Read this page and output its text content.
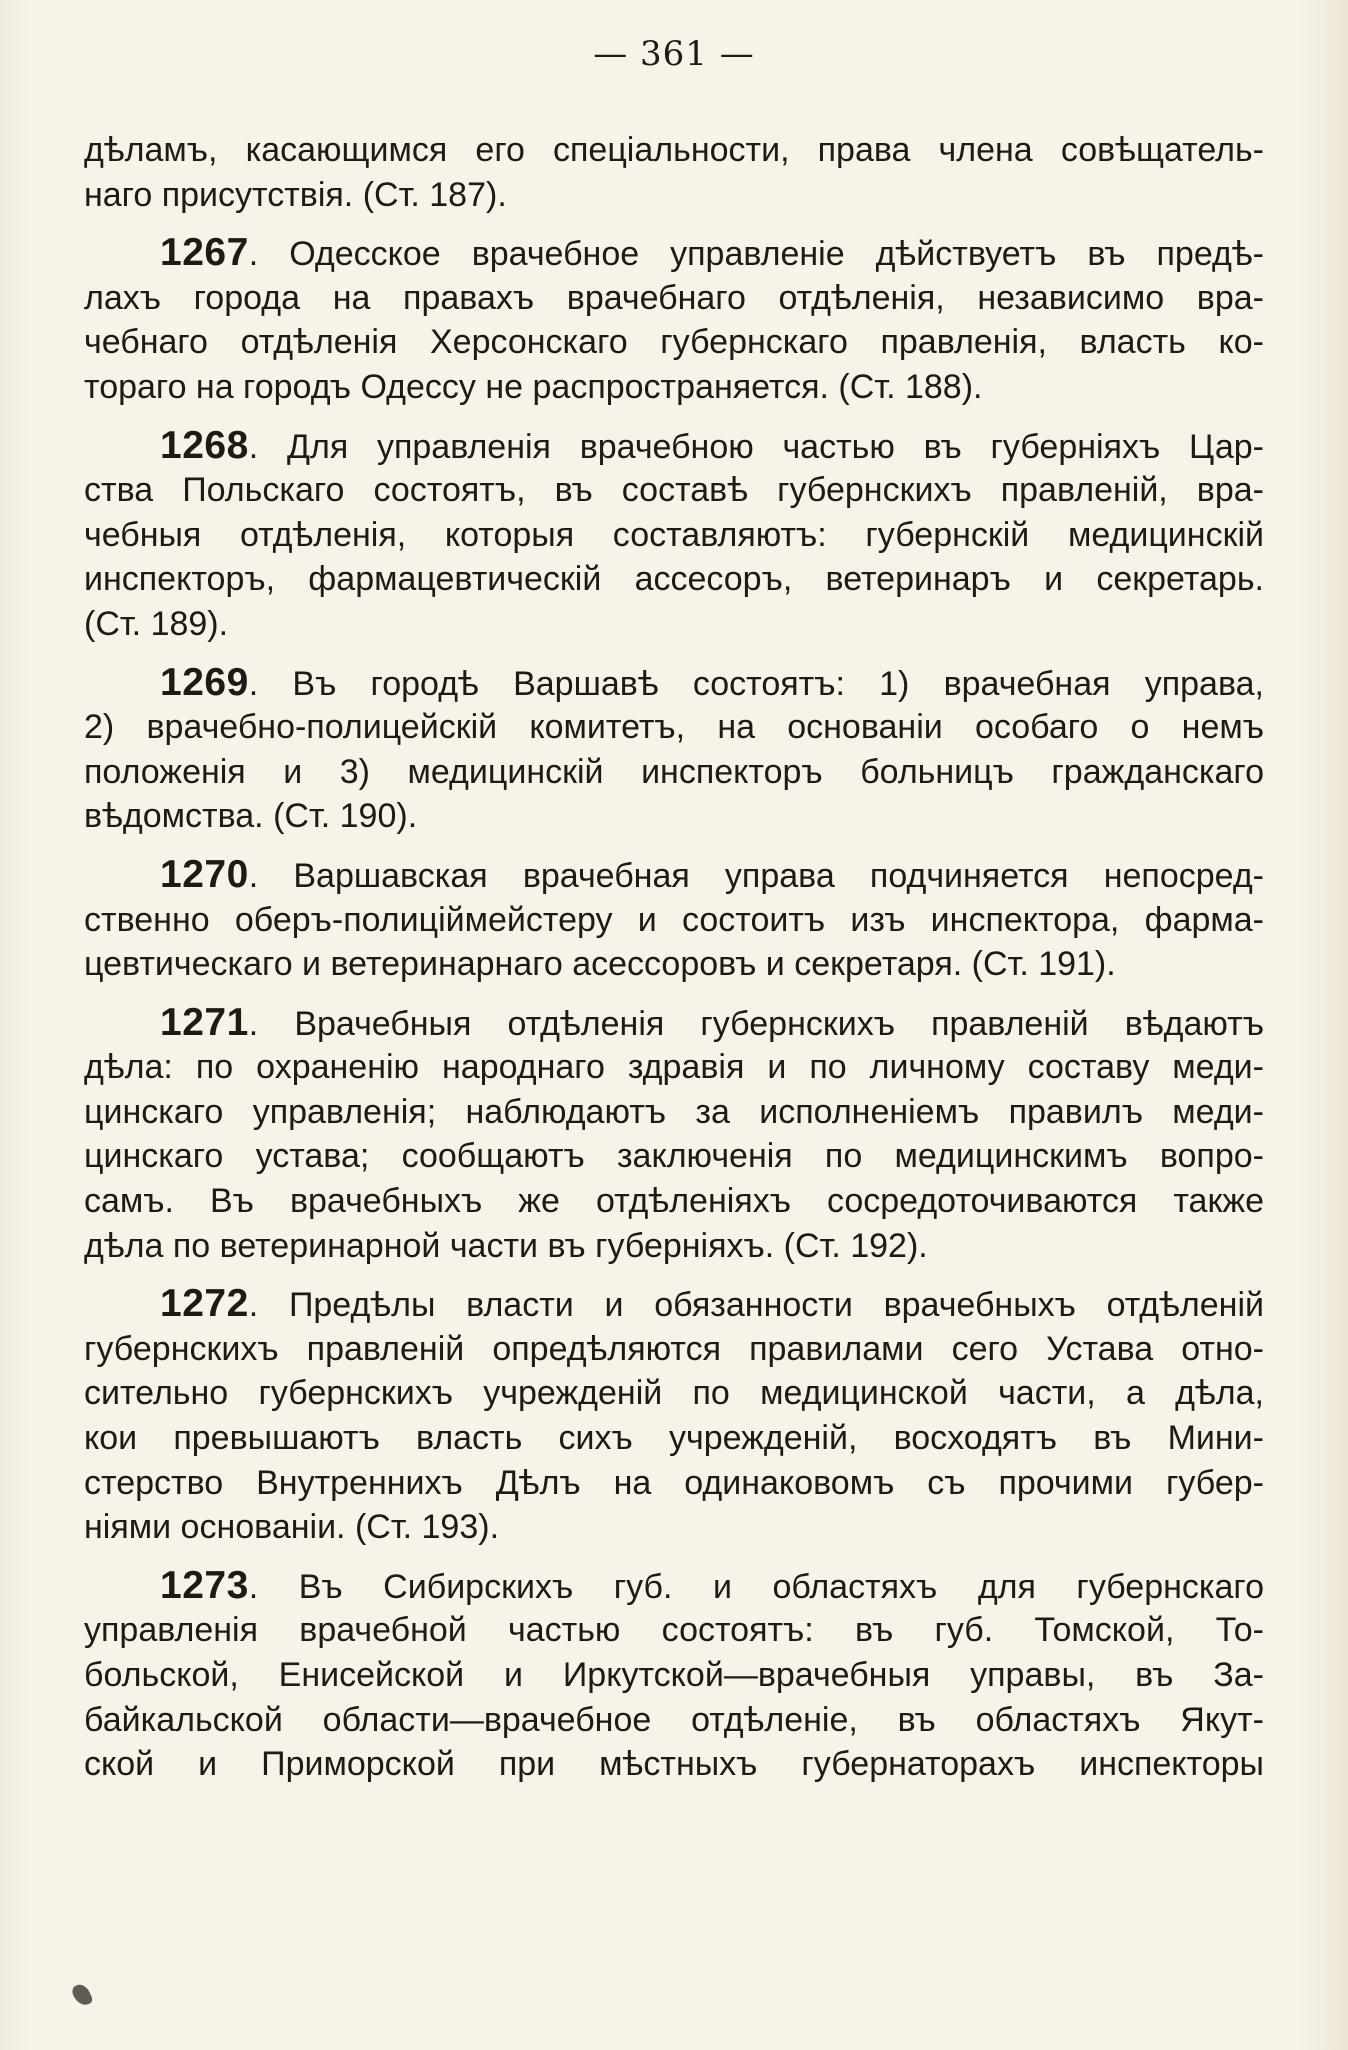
— 361 —
дѣламъ, касающимся его спеціальности, права члена совѣщатель-
наго присутствія. (Ст. 187).
1267. Одесское врачебное управленіе дѣйствуетъ въ предѣ-
лахъ города на правахъ врачебнаго отдѣленія, независимо вра-
чебнаго отдѣленія Херсонскаго губернскаго правленія, власть ко-
тораго на городъ Одессу не распространяется. (Ст. 188).
1268. Для управленія врачебною частью въ губерніяхъ Цар-
ства Польскаго состоятъ, въ составѣ губернскихъ правленій, вра-
чебныя отдѣленія, которыя составляютъ: губернскій медицинскій
инспекторъ, фармацевтическій ассесоръ, ветеринаръ и секретарь.
(Ст. 189).
1269. Въ городѣ Варшавѣ состоятъ: 1) врачебная управа,
2) врачебно-полицейскій комитетъ, на основаніи особаго о немъ
положенія и 3) медицинскій инспекторъ больницъ гражданскаго
вѣдомства. (Ст. 190).
1270. Варшавская врачебная управа подчиняется непосред-
ственно оберъ-полиціймейстеру и состоитъ изъ инспектора, фарма-
цевтическаго и ветеринарнаго асессоровъ и секретаря. (Ст. 191).
1271. Врачебныя отдѣленія губернскихъ правленій вѣдаютъ
дѣла: по охраненію народнаго здравія и по личному составу меди-
цинскаго управленія; наблюдаютъ за исполненіемъ правилъ меди-
цинскаго устава; сообщаютъ заключенія по медицинскимъ вопро-
самъ. Въ врачебныхъ же отдѣленіяхъ сосредоточиваются также
дѣла по ветеринарной части въ губерніяхъ. (Ст. 192).
1272. Предѣлы власти и обязанности врачебныхъ отдѣленій
губернскихъ правленій опредѣляются правилами сего Устава отно-
сительно губернскихъ учрежденій по медицинской части, а дѣла,
кои превышаютъ власть сихъ учрежденій, восходятъ въ Мини-
стерство Внутреннихъ Дѣлъ на одинаковомъ съ прочими губер-
ніями основаніи. (Ст. 193).
1273. Въ Сибирскихъ губ. и областяхъ для губернскаго
управленія врачебной частью состоятъ: въ губ. Томской, То-
больской, Енисейской и Иркутской—врачебныя управы, въ За-
байкальской области—врачебное отдѣленіе, въ областяхъ Якут-
ской и Приморской при мѣстныхъ губернаторахъ инспекторы
